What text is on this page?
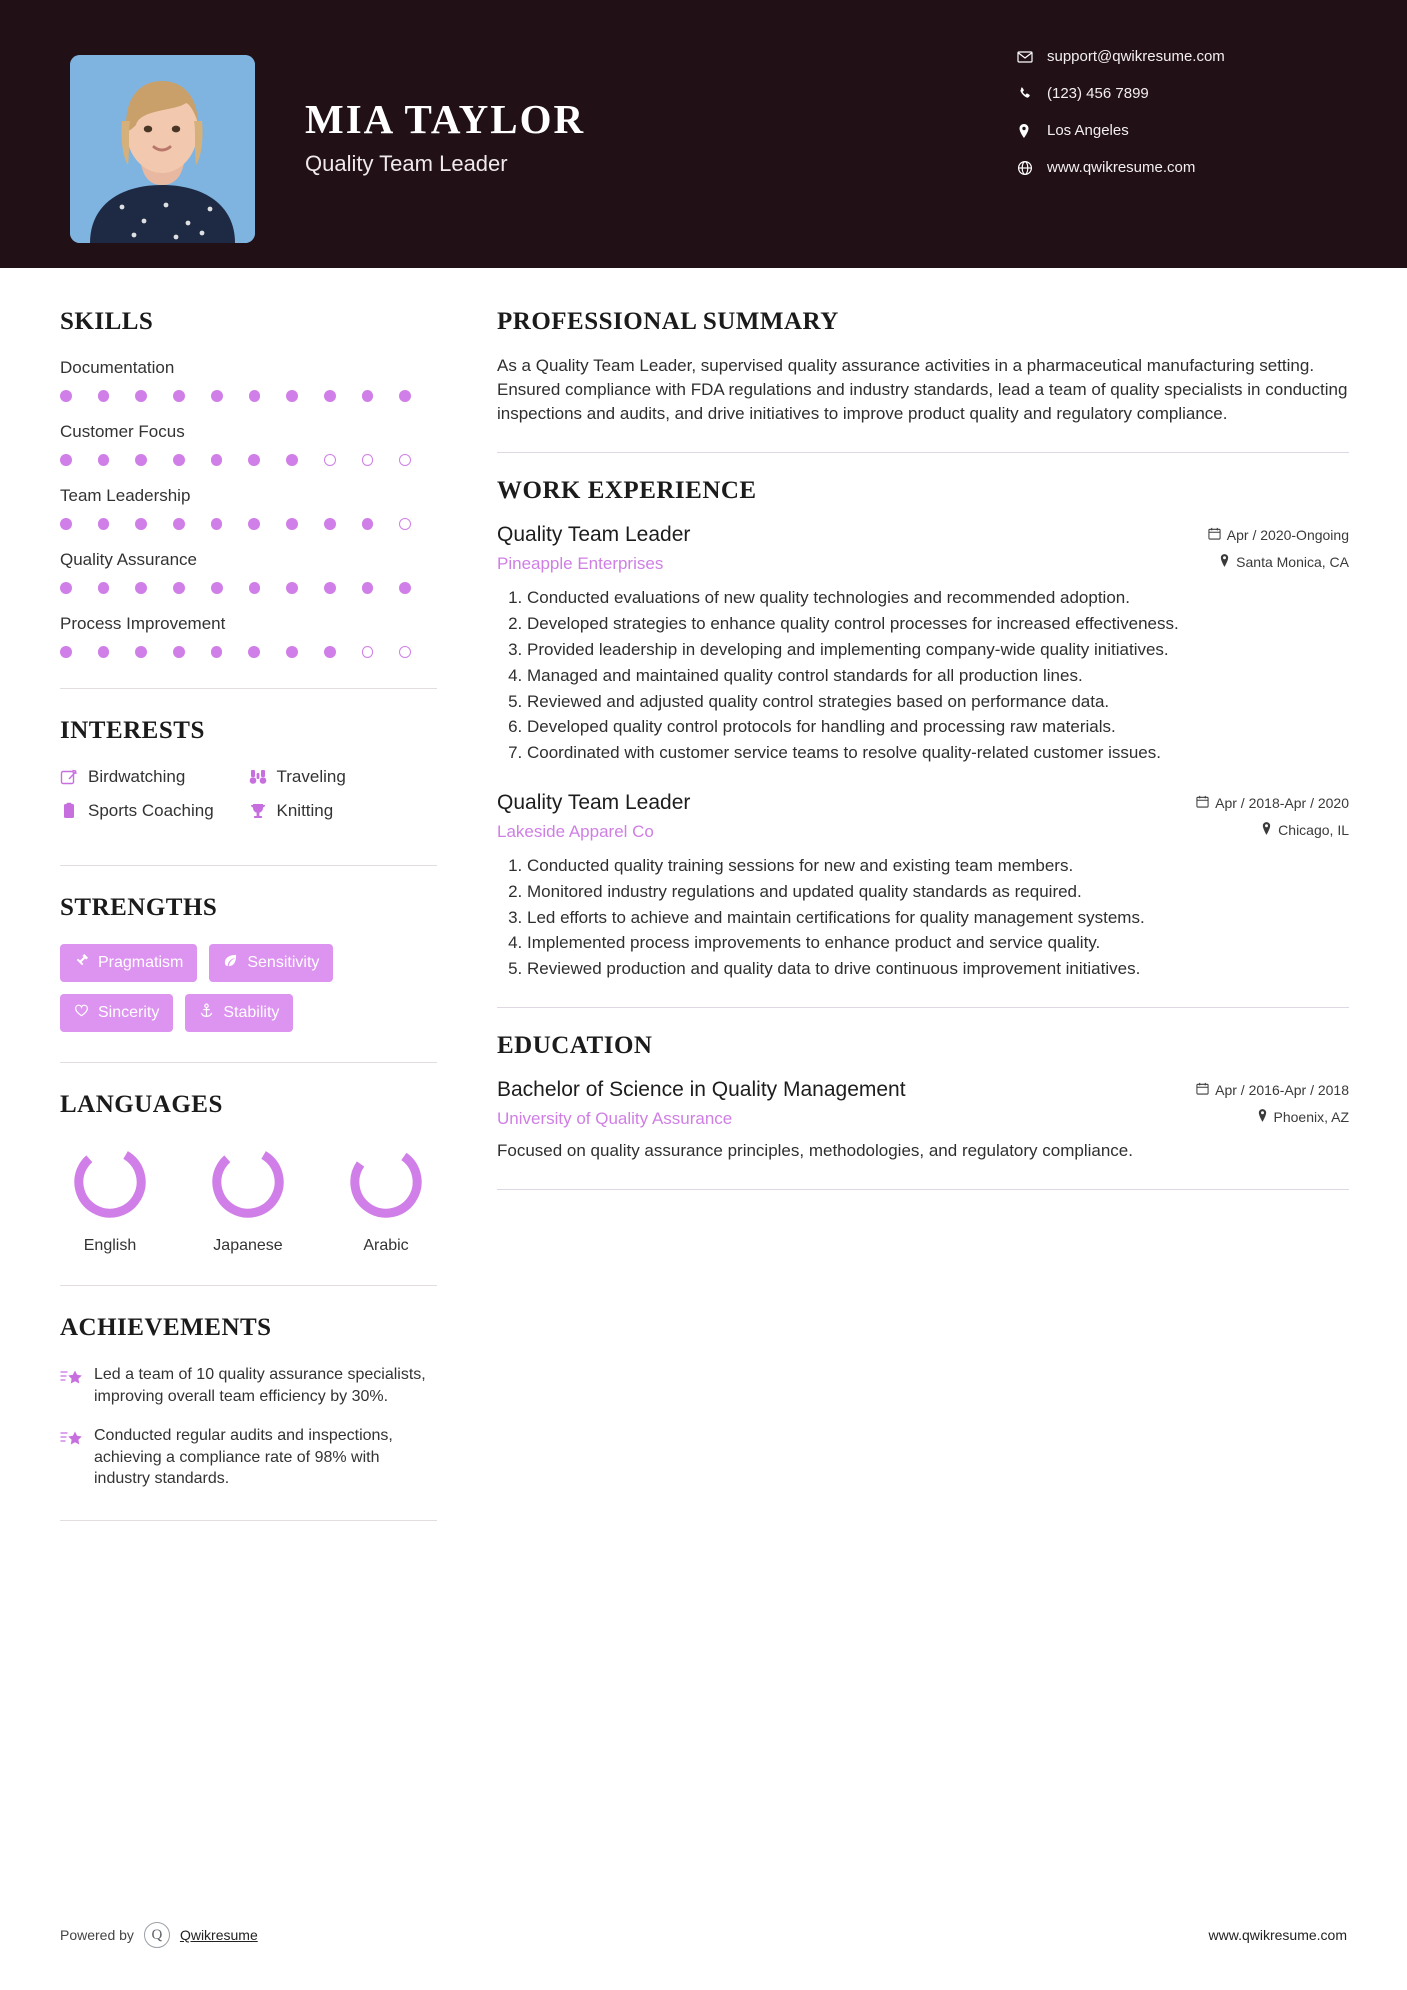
MIA TAYLOR
Quality Team Leader
support@qwikresume.com
(123) 456 7899
Los Angeles
www.qwikresume.com
SKILLS
Documentation
Customer Focus
Team Leadership
Quality Assurance
Process Improvement
INTERESTS
Birdwatching	Traveling
Sports Coaching	Knitting
STRENGTHS
Pragmatism	Sensitivity
Sincerity	Stability
LANGUAGES
English	Japanese	Arabic
ACHIEVEMENTS
Led a team of 10 quality assurance specialists, improving overall team efficiency by 30%.
Conducted regular audits and inspections, achieving a compliance rate of 98% with industry standards.
PROFESSIONAL SUMMARY
As a Quality Team Leader, supervised quality assurance activities in a pharmaceutical manufacturing setting. Ensured compliance with FDA regulations and industry standards, lead a team of quality specialists in conducting inspections and audits, and drive initiatives to improve product quality and regulatory compliance.
WORK EXPERIENCE
Quality Team Leader
Pineapple Enterprises
Apr / 2020-Ongoing
Santa Monica, CA
1. Conducted evaluations of new quality technologies and recommended adoption.
2. Developed strategies to enhance quality control processes for increased effectiveness.
3. Provided leadership in developing and implementing company-wide quality initiatives.
4. Managed and maintained quality control standards for all production lines.
5. Reviewed and adjusted quality control strategies based on performance data.
6. Developed quality control protocols for handling and processing raw materials.
7. Coordinated with customer service teams to resolve quality-related customer issues.
Quality Team Leader
Lakeside Apparel Co
Apr / 2018-Apr / 2020
Chicago, IL
1. Conducted quality training sessions for new and existing team members.
2. Monitored industry regulations and updated quality standards as required.
3. Led efforts to achieve and maintain certifications for quality management systems.
4. Implemented process improvements to enhance product and service quality.
5. Reviewed production and quality data to drive continuous improvement initiatives.
EDUCATION
Bachelor of Science in Quality Management
University of Quality Assurance
Apr / 2016-Apr / 2018
Phoenix, AZ
Focused on quality assurance principles, methodologies, and regulatory compliance.
Powered by Q Qwikresume	www.qwikresume.com
